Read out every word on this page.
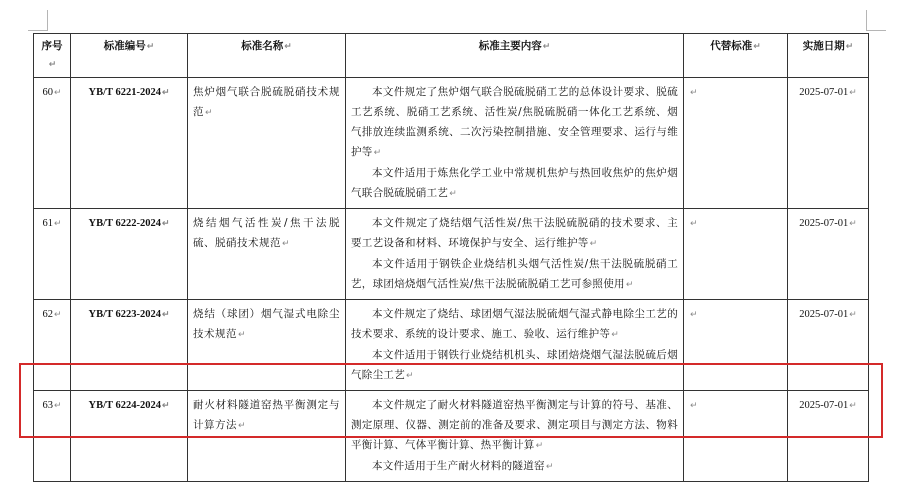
序号↵	标准编号↵	标准名称↵	标准主要内容↵	代替标准↵	实施日期↵
60↵	YB/T 6221-2024↵	焦炉烟气联合脱硫脱硝技术规范↵	本文件规定了焦炉烟气联合脱硫脱硝工艺的总体设计要求、脱硫工艺系统、脱硝工艺系统、活性炭/焦脱硫脱硝一体化工艺系统、烟气排放连续监测系统、二次污染控制措施、安全管理要求、运行与维护等↵

本文件适用于炼焦化学工业中常规机焦炉与热回收焦炉的焦炉烟气联合脱硫脱硝工艺↵	↵	2025-07-01↵
61↵	YB/T 6222-2024↵	烧结烟气活性炭/焦干法脱硫、脱硝技术规范↵	本文件规定了烧结烟气活性炭/焦干法脱硫脱硝的技术要求、主要工艺设备和材料、环境保护与安全、运行维护等↵

本文件适用于钢铁企业烧结机头烟气活性炭/焦干法脱硫脱硝工艺，球团焙烧烟气活性炭/焦干法脱硫脱硝工艺可参照使用↵	↵	2025-07-01↵
62↵	YB/T 6223-2024↵	烧结（球团）烟气湿式电除尘技术规范↵	本文件规定了烧结、球团烟气湿法脱硫烟气湿式静电除尘工艺的技术要求、系统的设计要求、施工、验收、运行维护等↵

本文件适用于钢铁行业烧结机机头、球团焙烧烟气湿法脱硫后烟气除尘工艺↵	↵	2025-07-01↵
63↵	YB/T 6224-2024↵	耐火材料隧道窑热平衡测定与计算方法↵	本文件规定了耐火材料隧道窑热平衡测定与计算的符号、基准、测定原理、仪器、测定前的准备及要求、测定项目与测定方法、物料平衡计算、气体平衡计算、热平衡计算↵

本文件适用于生产耐火材料的隧道窑↵	↵	2025-07-01↵
